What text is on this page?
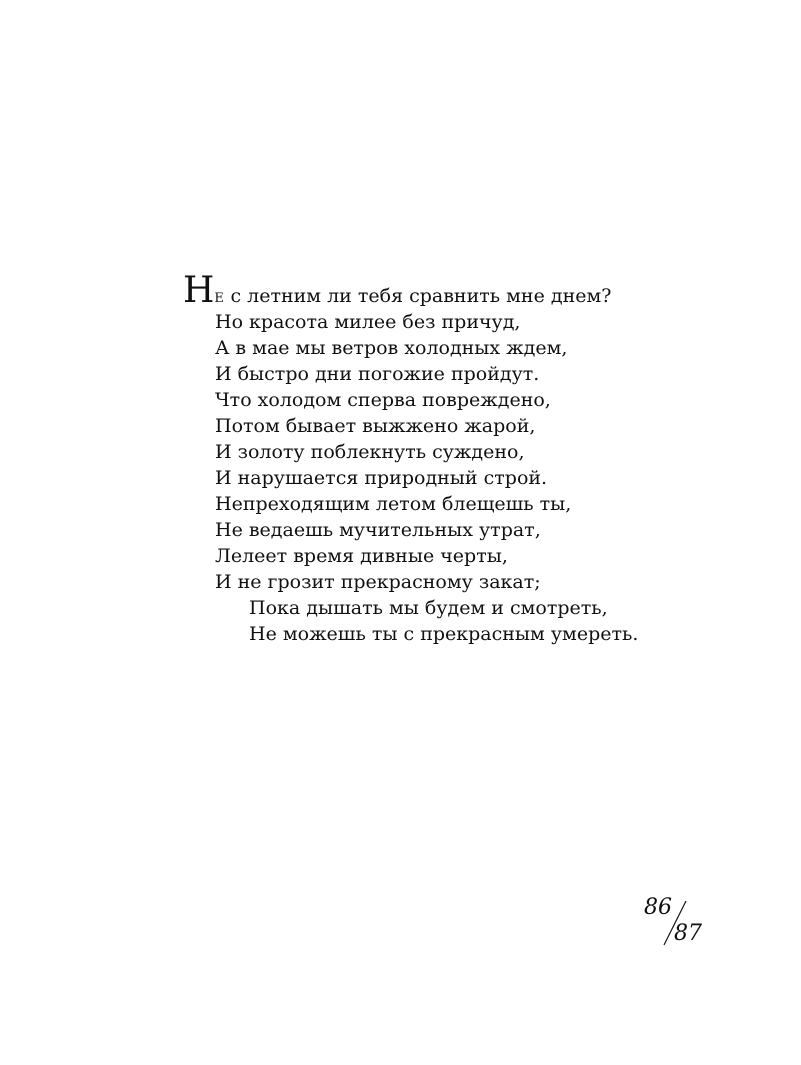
НЕ с летним ли тебя сравнить мне днем?
Но красота милее без причуд,
А в мае мы ветров холодных ждем,
И быстро дни погожие пройдут.
Что холодом сперва повреждено,
Потом бывает выжжено жарой,
И золоту поблекнуть суждено,
И нарушается природный строй.
Непреходящим летом блещешь ты,
Не ведаешь мучительных утрат,
Лелеет время дивные черты,
И не грозит прекрасному закат;
Пока дышать мы будем и смотреть,
Не можешь ты с прекрасным умереть.
86
87
